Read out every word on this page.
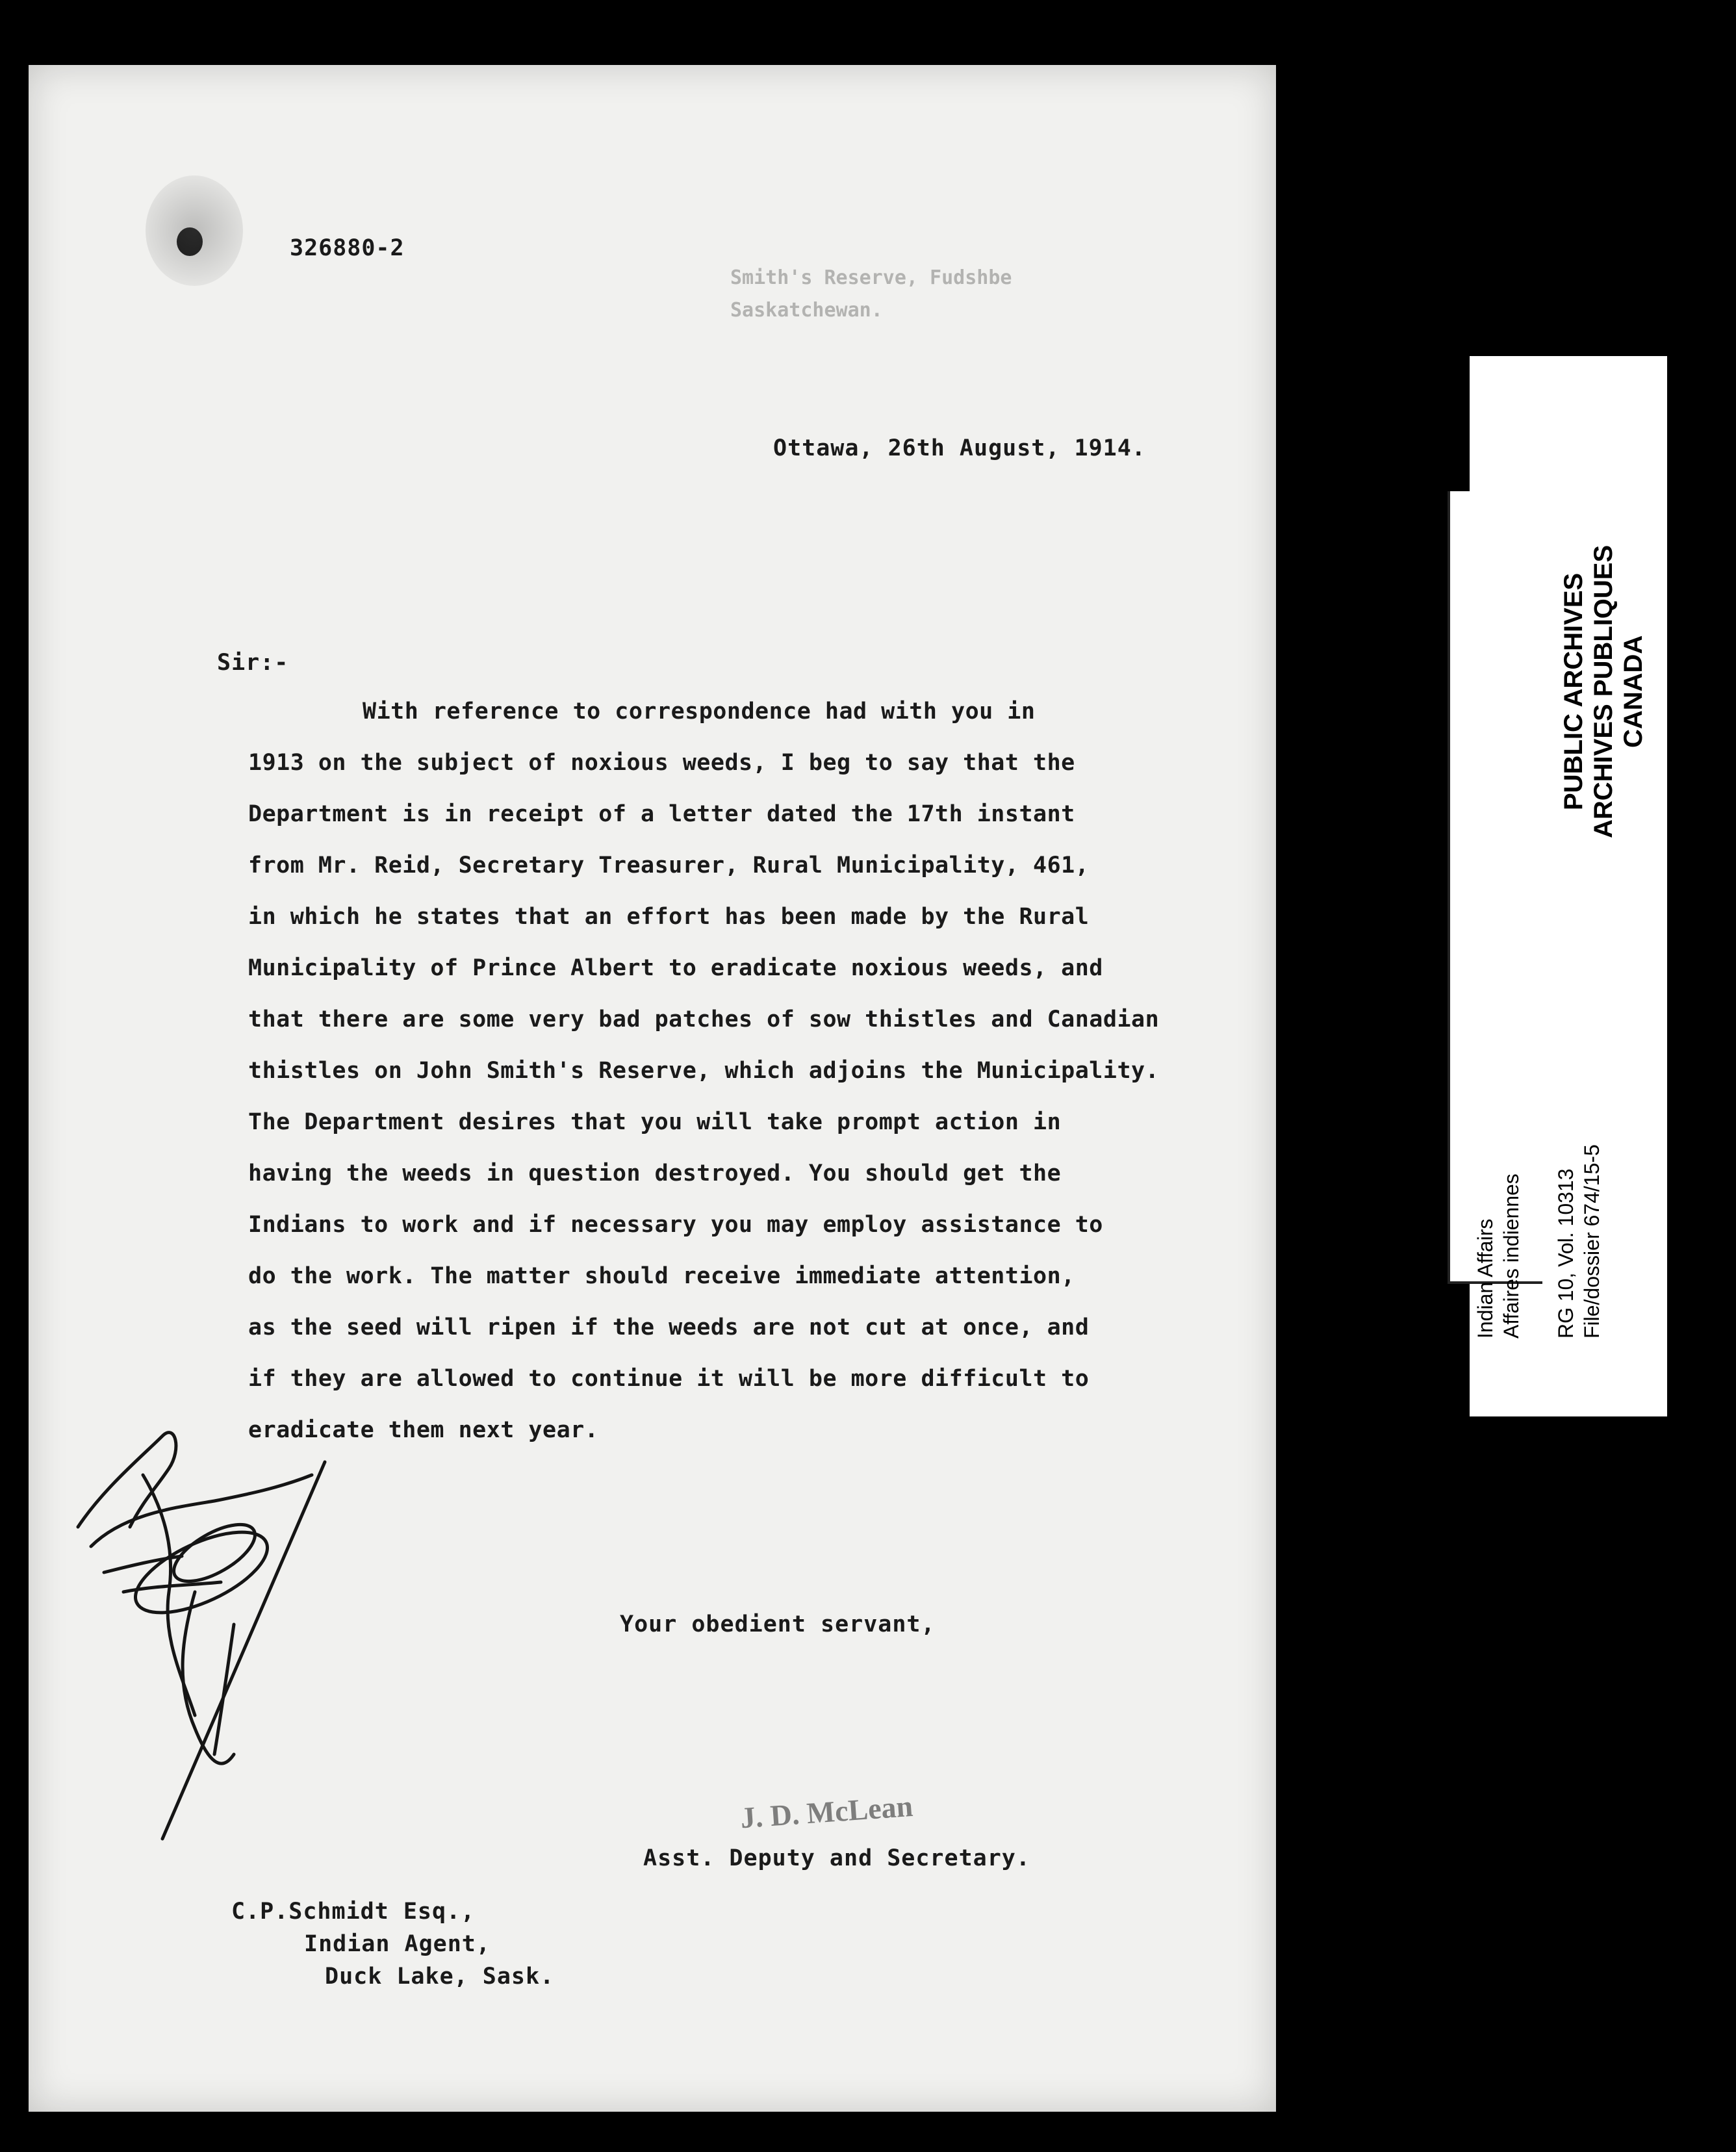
326880-2
Smith's Reserve, Fudshbe
Saskatchewan.
Ottawa, 26th August, 1914.
Sir:-
With reference to correspondence had with you in
1913 on the subject of noxious weeds, I beg to say that the
Department is in receipt of a letter dated the 17th instant
from Mr. Reid, Secretary Treasurer, Rural Municipality, 461,
in which he states that an effort has been made by the Rural
Municipality of Prince Albert to eradicate noxious weeds, and
that there are some very bad patches of sow thistles and Canadian
thistles on John Smith's Reserve, which adjoins the Municipality.
The Department desires that you will take prompt action in
having the weeds in question destroyed. You should get the
Indians to work and if necessary you may employ assistance to
do the work. The matter should receive immediate attention,
as the seed will ripen if the weeds are not cut at once, and
if they are allowed to continue it will be more difficult to
eradicate them next year.
Your obedient servant,
Asst. Deputy and Secretary.
C.P.Schmidt Esq.,
Indian Agent,
Duck Lake, Sask.
J. D. McLean
Indian Affairs Affaires indiennes RG 10, Vol. 10313 File/dossier 674/15-5
PUBLIC ARCHIVES ARCHIVES PUBLIQUES CANADA
